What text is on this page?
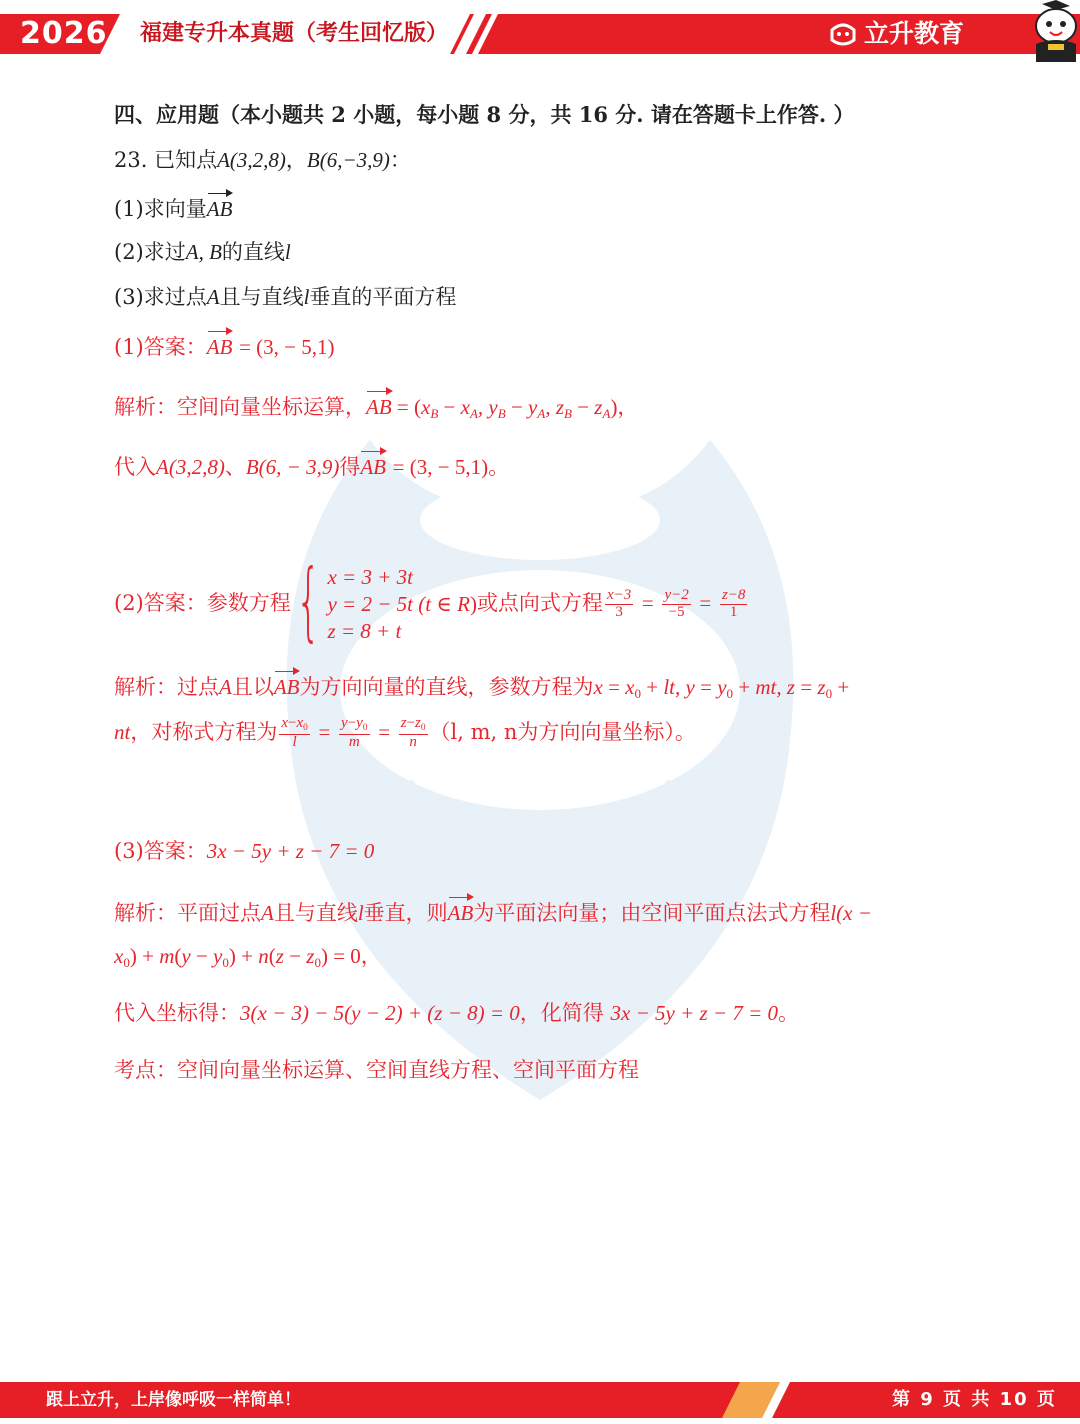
2026 福建专升本真题（考生回忆版）	立升教育
四、应用题（本小题共 2 小题，每小题 8 分，共 16 分. 请在答题卡上作答. ）
23. 已知点A(3,2,8)，B(6,−3,9)：
(1)求向量AB
(2)求过A, B的直线l
(3)求过点A且与直线l垂直的平面方程
(1)答案：AB = (3, − 5,1)
解析：空间向量坐标运算，AB = ($x_B - x_A$, $y_B - y_A$, $z_B - z_A$)，
代入A(3,2,8)、B(6, − 3,9)得AB = (3, − 5,1)。
(2)答案：参数方程 { x = 3 + 3t
y = 2 − 5t (t ∈ R)
z = 8 + t
或点向式方程 $\frac{x-3}{3} = \frac{y-2}{-5} = \frac{z-8}{1}$
解析：过点A且以AB为方向向量的直线，参数方程为$x = x_0$ + lt, $y = y_0$ + mt, $z = z_0$ +
nt，对称式方程为 $\frac{x-x_0}{l} = \frac{y-y_0}{m} = \frac{z-z_0}{n} (l$, m, n为方向向量坐标）。
(3)答案：3x − 5y + z − 7 = 0
解析：平面过点A且与直线l垂直，则AB为平面法向量；由空间平面点法式方程l(x −
$x_0) + m(y - y_0) + n(z - z_0) = 0$，
代入坐标得：3(x − 3) − 5(y − 2) + (z − 8) = 0，化简得 3x − 5y + z − 7 = 0。
考点：空间向量坐标运算、空间直线方程、空间平面方程
跟上立升，上岸像呼吸一样简单！	第 9 页 共 10 页
